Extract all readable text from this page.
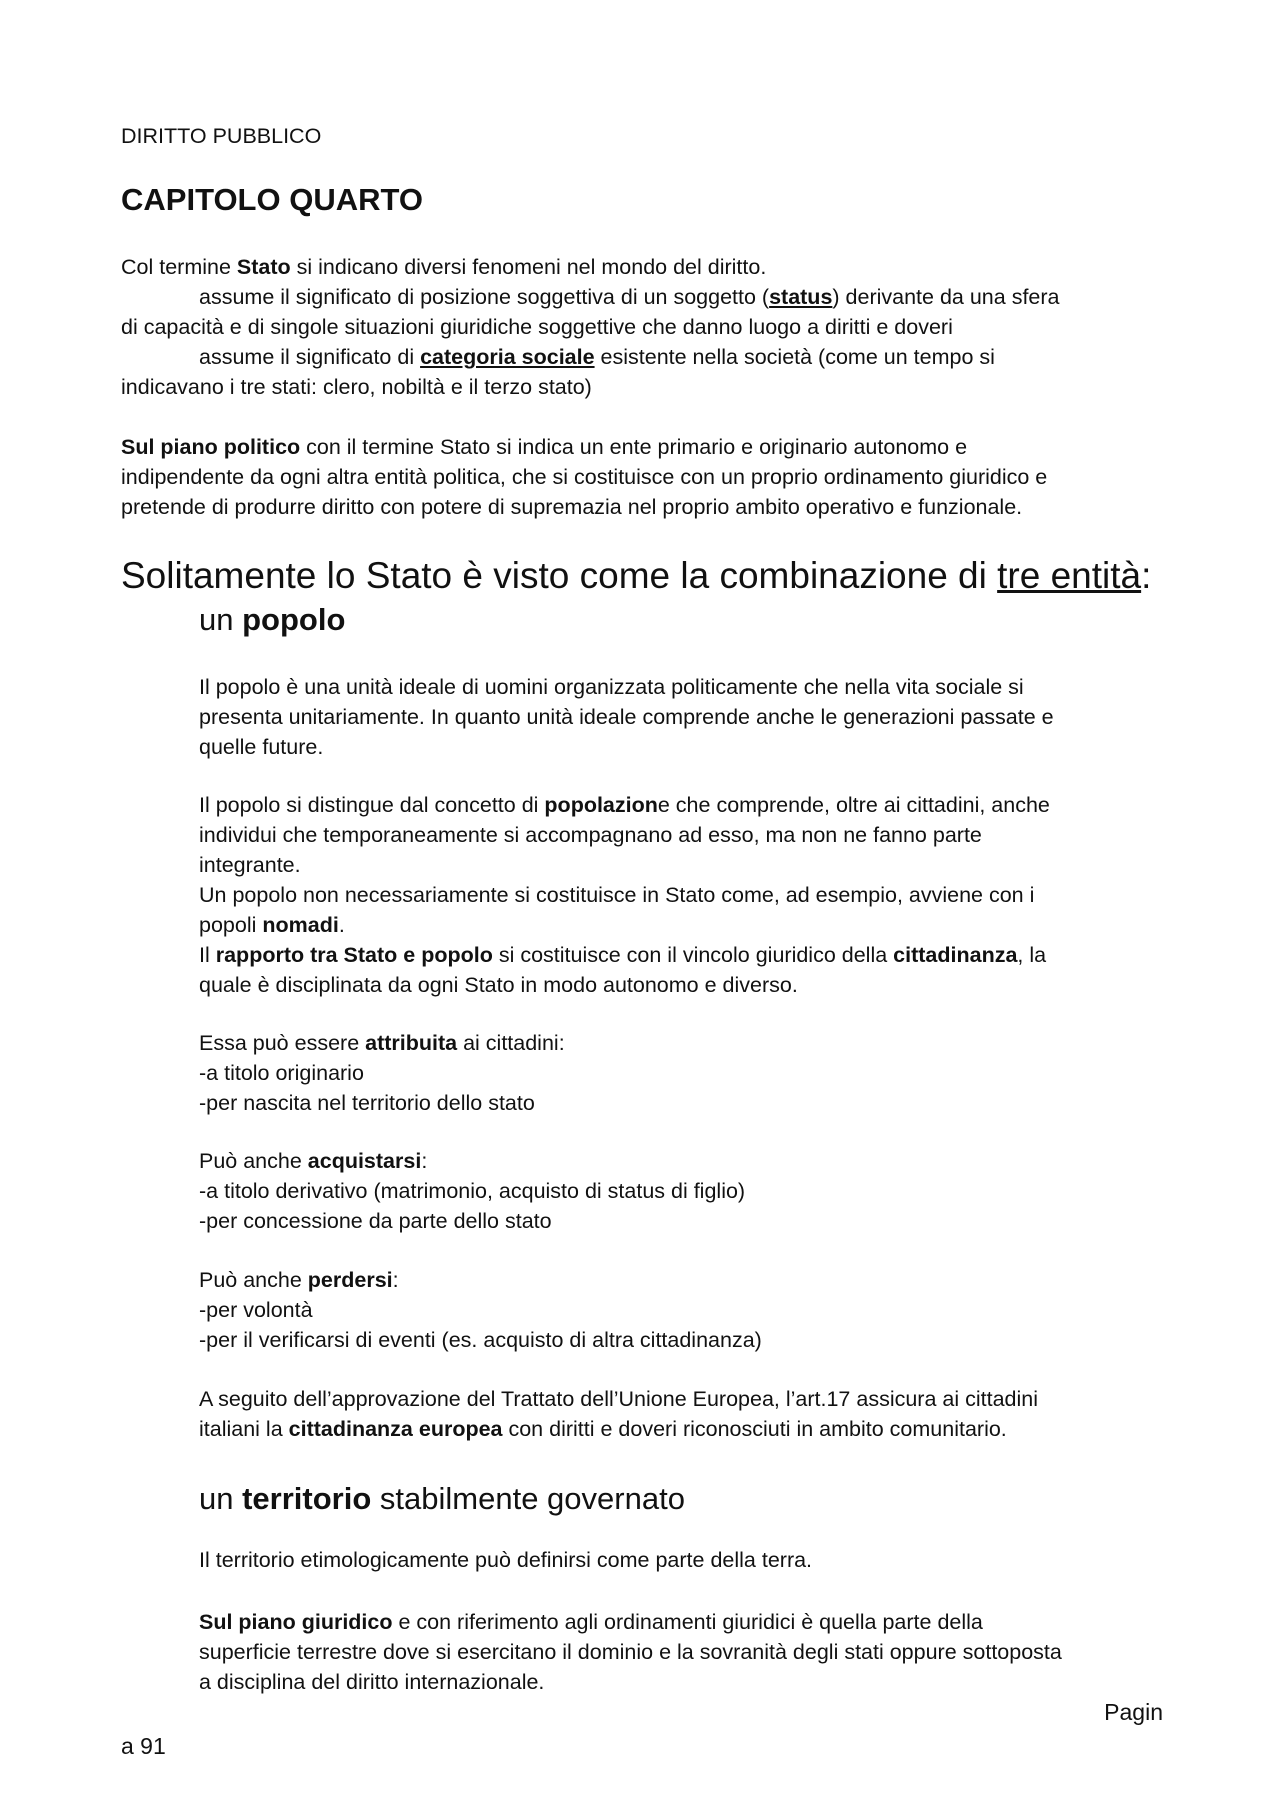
DIRITTO PUBBLICO
CAPITOLO QUARTO

Col termine Stato si indicano diversi fenomeni nel mondo del diritto.

assume il significato di posizione soggettiva di un soggetto (status) derivante da una sfera

di capacità e di singole situazioni giuridiche soggettive che danno luogo a diritti e doveri

assume il significato di categoria sociale esistente nella società (come un tempo si

indicavano i tre stati: clero, nobiltà e il terzo stato)

Sul piano politico con il termine Stato si indica un ente primario e originario autonomo e

indipendente da ogni altra entità politica, che si costituisce con un proprio ordinamento giuridico e

pretende di produrre diritto con potere di supremazia nel proprio ambito operativo e funzionale.

Solitamente lo Stato è visto come la combinazione di tre entità:
un popolo

Il popolo è una unità ideale di uomini organizzata politicamente che nella vita sociale si

presenta unitariamente. In quanto unità ideale comprende anche le generazioni passate e

quelle future.

Il popolo si distingue dal concetto di popolazione che comprende, oltre ai cittadini, anche

individui che temporaneamente si accompagnano ad esso, ma non ne fanno parte

integrante.

Un popolo non necessariamente si costituisce in Stato come, ad esempio, avviene con i

popoli nomadi.

Il rapporto tra Stato e popolo si costituisce con il vincolo giuridico della cittadinanza, la

quale è disciplinata da ogni Stato in modo autonomo e diverso.

Essa può essere attribuita ai cittadini:

-a titolo originario

-per nascita nel territorio dello stato

Può anche acquistarsi:

-a titolo derivativo (matrimonio, acquisto di status di figlio)

-per concessione da parte dello stato

Può anche perdersi:

-per volontà

-per il verificarsi di eventi (es. acquisto di altra cittadinanza)

A seguito dell’approvazione del Trattato dell’Unione Europea, l’art.17 assicura ai cittadini

italiani la cittadinanza europea con diritti e doveri riconosciuti in ambito comunitario.

un territorio stabilmente governato

Il territorio etimologicamente può definirsi come parte della terra.

Sul piano giuridico e con riferimento agli ordinamenti giuridici è quella parte della

superficie terrestre dove si esercitano il dominio e la sovranità degli stati oppure sottoposta

a disciplina del diritto internazionale.

Pagin
a 91
